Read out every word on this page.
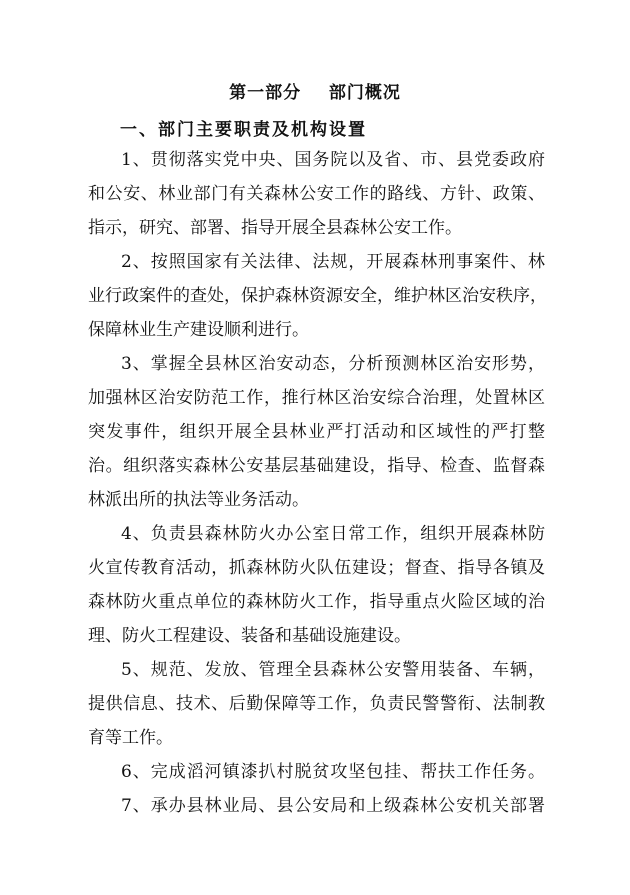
第一部分    部门概况
一、部门主要职责及机构设置
1、贯彻落实党中央、国务院以及省、市、县党委政府
和公安、林业部门有关森林公安工作的路线、方针、政策、
指示，研究、部署、指导开展全县森林公安工作。
2、按照国家有关法律、法规，开展森林刑事案件、林
业行政案件的查处，保护森林资源安全，维护林区治安秩序，
保障林业生产建设顺利进行。
3、掌握全县林区治安动态，分析预测林区治安形势，
加强林区治安防范工作，推行林区治安综合治理，处置林区
突发事件，组织开展全县林业严打活动和区域性的严打整
治。组织落实森林公安基层基础建设，指导、检查、监督森
林派出所的执法等业务活动。
4、负责县森林防火办公室日常工作，组织开展森林防
火宣传教育活动，抓森林防火队伍建设；督查、指导各镇及
森林防火重点单位的森林防火工作，指导重点火险区域的治
理、防火工程建设、装备和基础设施建设。
5、规范、发放、管理全县森林公安警用装备、车辆，
提供信息、技术、后勤保障等工作，负责民警警衔、法制教
育等工作。
6、完成滔河镇漆扒村脱贫攻坚包挂、帮扶工作任务。
7、承办县林业局、县公安局和上级森林公安机关部署
